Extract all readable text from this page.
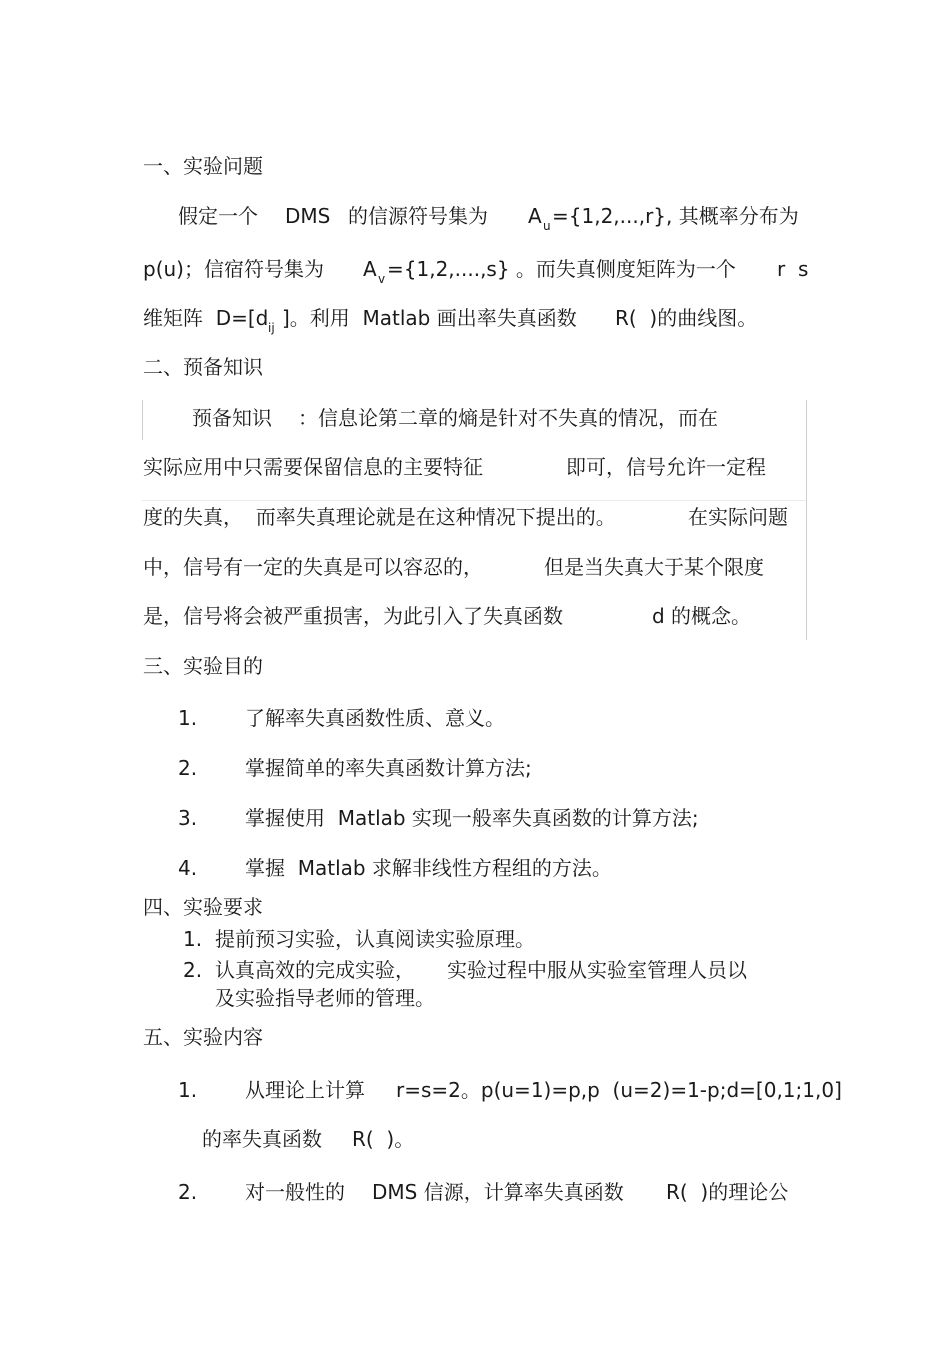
一、实验问题
假定一个 DMS 的信源符号集为 A u ={1,2,...,r}, 其概率分布为
p(u)；信宿符号集为 A v ={1,2,....,s} 。而失真侧度矩阵为一个 r  s
维矩阵  D=[d ij ]。利用  Matlab 画出率失真函数 R(  )的曲线图。
二、预备知识
预备知识 ：信息论第二章的熵是针对不失真的情况，而在
实际应用中只需要保留信息的主要特征	即可，信号允许一定程
度的失真，  而率失真理论就是在这种情况下提出的。	在实际问题
中，信号有一定的失真是可以容忍的，	但是当失真大于某个限度
是，信号将会被严重损害，为此引入了失真函数	d 的概念。
三、实验目的
1. 了解率失真函数性质、意义。
2. 掌握简单的率失真函数计算方法;
3. 掌握使用  Matlab 实现一般率失真函数的计算方法;
4. 掌握  Matlab 求解非线性方程组的方法。
四、实验要求
1. 提前预习实验，认真阅读实验原理。
2. 认真高效的完成实验， 实验过程中服从实验室管理人员以
及实验指导老师的管理。
五、实验内容
1. 从理论上计算 r=s=2。p(u=1)=p,p  (u=2)=1-p;d=[0,1;1,0]
的率失真函数 R(  )。
2. 对一般性的 DMS 信源，计算率失真函数 R(  )的理论公
